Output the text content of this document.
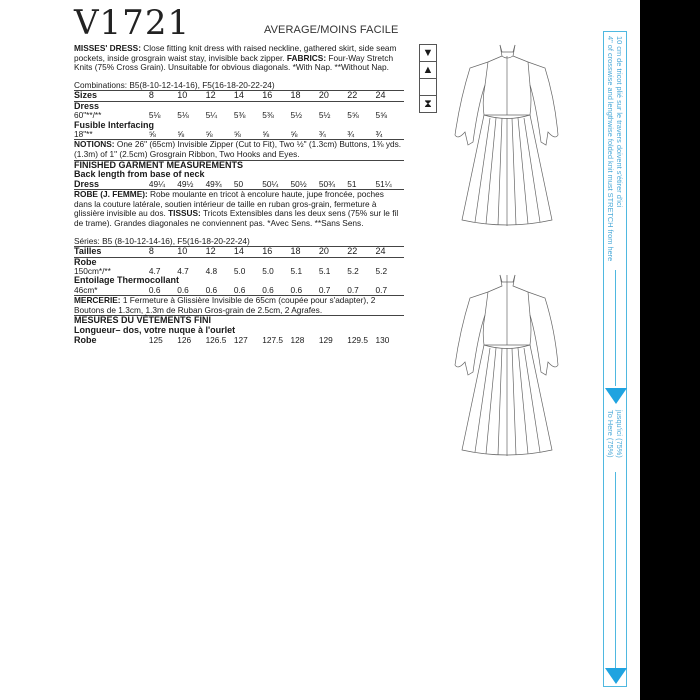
V1721	AVERAGE/MOINS FACILE

MISSES' DRESS: Close fitting knit dress with raised neckline, gathered skirt, side seam pockets, inside grosgrain waist stay, invisible back zipper. FABRICS: Four-Way Stretch Knits (75% Cross Grain). Unsuitable for obvious diagonals. *With Nap. **Without Nap.

Combinations: B5(8-10-12-14-16), F5(16-18-20-22-24)
Sizes	8	10	12	14	16	18	20	22	24
Dress									
60"**/**	5⅛	5⅛	5¼	5⅜	5⅜	5½	5½	5⅝	5⅝
Fusible Interfacing									
18"**	⅝	⅝	⅝	⅝	⅝	⅝	¾	¾	¾

NOTIONS: One 26" (65cm) Invisible Zipper (Cut to Fit), Two ½" (1.3cm) Buttons, 1⅜ yds. (1.3m) of 1" (2.5cm) Grosgrain Ribbon, Two Hooks and Eyes.

FINISHED GARMENT MEASUREMENTS
Back length from base of neck
Dress	49¼	49½	49¾	50	50¼	50½	50¾	51	51¼

ROBE (J. FEMME): Robe moulante en tricot à encolure haute, jupe froncée, poches dans la couture latérale, soutien intérieur de taille en ruban gros-grain, fermeture à glissière invisible au dos. TISSUS: Tricots Extensibles dans les deux sens (75% sur le fil de trame). Grandes diagonales ne conviennent pas. *Avec Sens. **Sans Sens.

Séries: B5 (8-10-12-14-16), F5(16-18-20-22-24)
Tailles	8	10	12	14	16	18	20	22	24
Robe									
150cm*/**	4.7	4.7	4.8	5.0	5.0	5.1	5.1	5.2	5.2
Entoilage Thermocollant									
46cm*	0.6	0.6	0.6	0.6	0.6	0.6	0.7	0.7	0.7

MERCERIE: 1 Fermeture à Glissière Invisible de 65cm (coupée pour s'adapter), 2 Boutons de 1.3cm, 1.3m de Ruban Gros-grain de 2.5cm, 2 Agrafes.

MESURES DU VÊTEMENTS FINI
Longueur– dos, votre nuque à l'ourlet
Robe	125	126	126.5	127	127.5	128	129	129.5	130
▼
▲
⧗	4" of crosswise and lengthwise folded knit must STRETCH from here 10 cm de tricot plié sur le travers doivent s'étirer d'ici
To Here (75%) jusqu'ici (75%)
